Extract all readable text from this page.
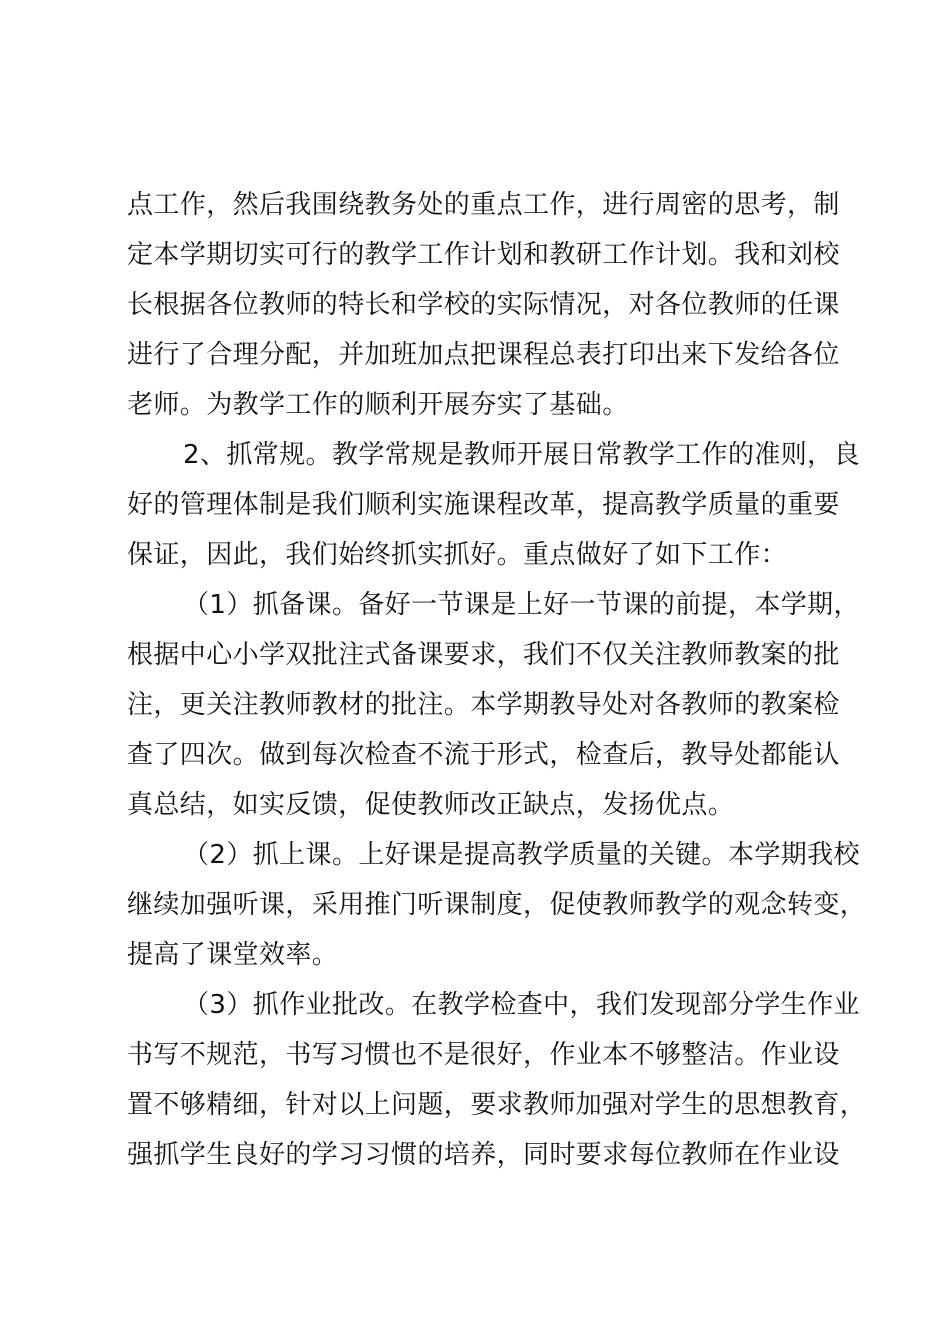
点工作，然后我围绕教务处的重点工作，进行周密的思考，制
定本学期切实可行的教学工作计划和教研工作计划。我和刘校
长根据各位教师的特长和学校的实际情况，对各位教师的任课
进行了合理分配，并加班加点把课程总表打印出来下发给各位
老师。为教学工作的顺利开展夯实了基础。
2、抓常规。教学常规是教师开展日常教学工作的准则，良
好的管理体制是我们顺利实施课程改革，提高教学质量的重要
保证，因此，我们始终抓实抓好。重点做好了如下工作：
（1）抓备课。备好一节课是上好一节课的前提，本学期，
根据中心小学双批注式备课要求，我们不仅关注教师教案的批
注，更关注教师教材的批注。本学期教导处对各教师的教案检
查了四次。做到每次检查不流于形式，检查后，教导处都能认
真总结，如实反馈，促使教师改正缺点，发扬优点。
（2）抓上课。上好课是提高教学质量的关键。本学期我校
继续加强听课，采用推门听课制度，促使教师教学的观念转变，
提高了课堂效率。
（3）抓作业批改。在教学检查中，我们发现部分学生作业
书写不规范，书写习惯也不是很好，作业本不够整洁。作业设
置不够精细，针对以上问题，要求教师加强对学生的思想教育，
强抓学生良好的学习习惯的培养，同时要求每位教师在作业设
